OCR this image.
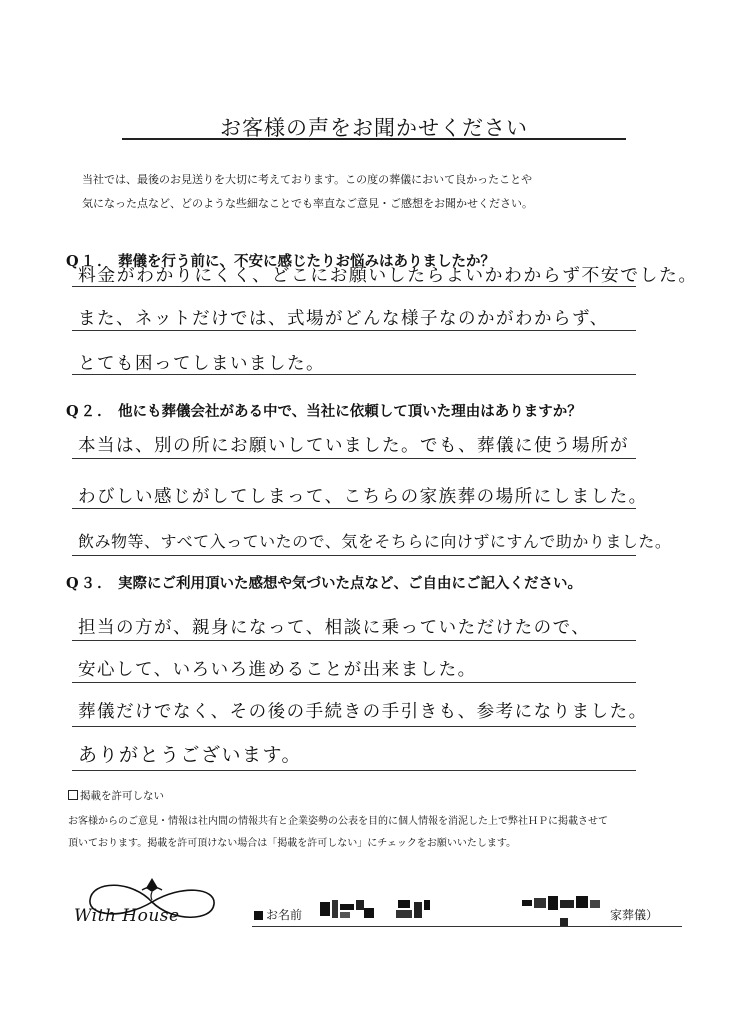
お客様の声をお聞かせください

当社では、最後のお見送りを大切に考えております。この度の葬儀において良かったことや

気になった点など、どのような些細なことでも率直なご意見・ご感想をお聞かせください。

Q１． 葬儀を行う前に、不安に感じたりお悩みはありましたか？
料金がわかりにくく、どこにお願いしたらよいかわからず不安でした。
また、ネットだけでは、式場がどんな様子なのかがわからず、
とても困ってしまいました。
Q２． 他にも葬儀会社がある中で、当社に依頼して頂いた理由はありますか？
本当は、別の所にお願いしていました。でも、葬儀に使う場所が
わびしい感じがしてしまって、こちらの家族葬の場所にしました。
飲み物等、すべて入っていたので、気をそちらに向けずにすんで助かりました。
Q３． 実際にご利用頂いた感想や気づいた点など、ご自由にご記入ください。
担当の方が、親身になって、相談に乗っていただけたので、
安心して、いろいろ進めることが出来ました。
葬儀だけでなく、その後の手続きの手引きも、参考になりました。
ありがとうございます。
掲載を許可しない
お客様からのご意見・情報は社内間の情報共有と企業姿勢の公表を目的に個人情報を消泥した上で弊社ＨＰに掲載させて
頂いております。掲載を許可頂けない場合は「掲載を許可しない」にチェックをお願いいたします。
With House	お名前	家葬儀）
